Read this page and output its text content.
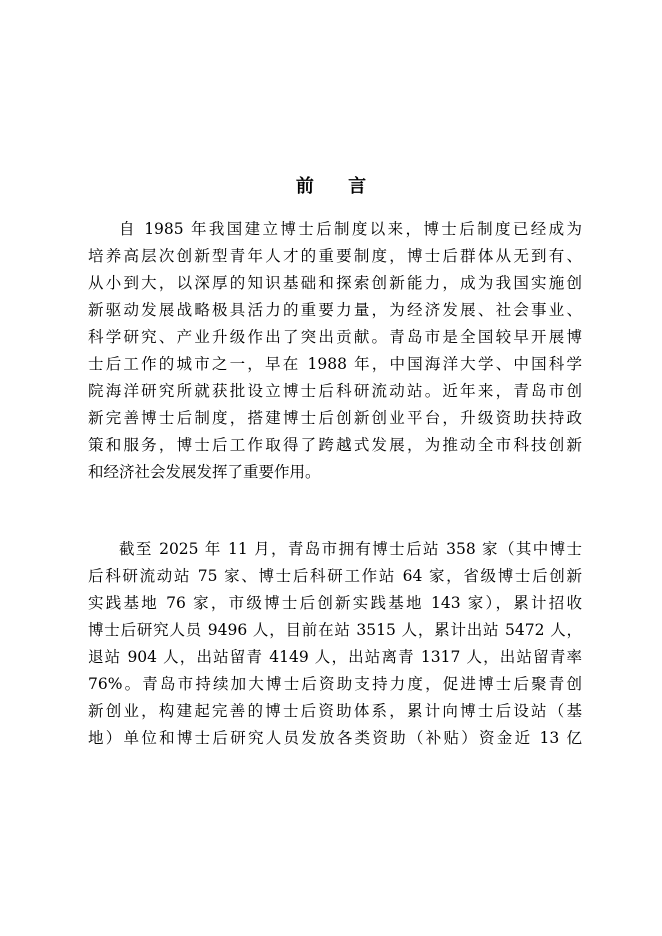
前 言
自 1985 年我国建立博士后制度以来，博士后制度已经成为
培养高层次创新型青年人才的重要制度，博士后群体从无到有、
从小到大，以深厚的知识基础和探索创新能力，成为我国实施创
新驱动发展战略极具活力的重要力量，为经济发展、社会事业、
科学研究、产业升级作出了突出贡献。青岛市是全国较早开展博
士后工作的城市之一，早在 1988 年，中国海洋大学、中国科学
院海洋研究所就获批设立博士后科研流动站。近年来，青岛市创
新完善博士后制度，搭建博士后创新创业平台，升级资助扶持政
策和服务，博士后工作取得了跨越式发展，为推动全市科技创新
和经济社会发展发挥了重要作用。
截至 2025 年 11 月，青岛市拥有博士后站 358 家（其中博士
后科研流动站 75 家、博士后科研工作站 64 家，省级博士后创新
实践基地 76 家，市级博士后创新实践基地 143 家），累计招收
博士后研究人员 9496 人，目前在站 3515 人，累计出站 5472 人，
退站 904 人，出站留青 4149 人，出站离青 1317 人，出站留青率
76%。青岛市持续加大博士后资助支持力度，促进博士后聚青创
新创业，构建起完善的博士后资助体系，累计向博士后设站（基
地）单位和博士后研究人员发放各类资助（补贴）资金近 13 亿
